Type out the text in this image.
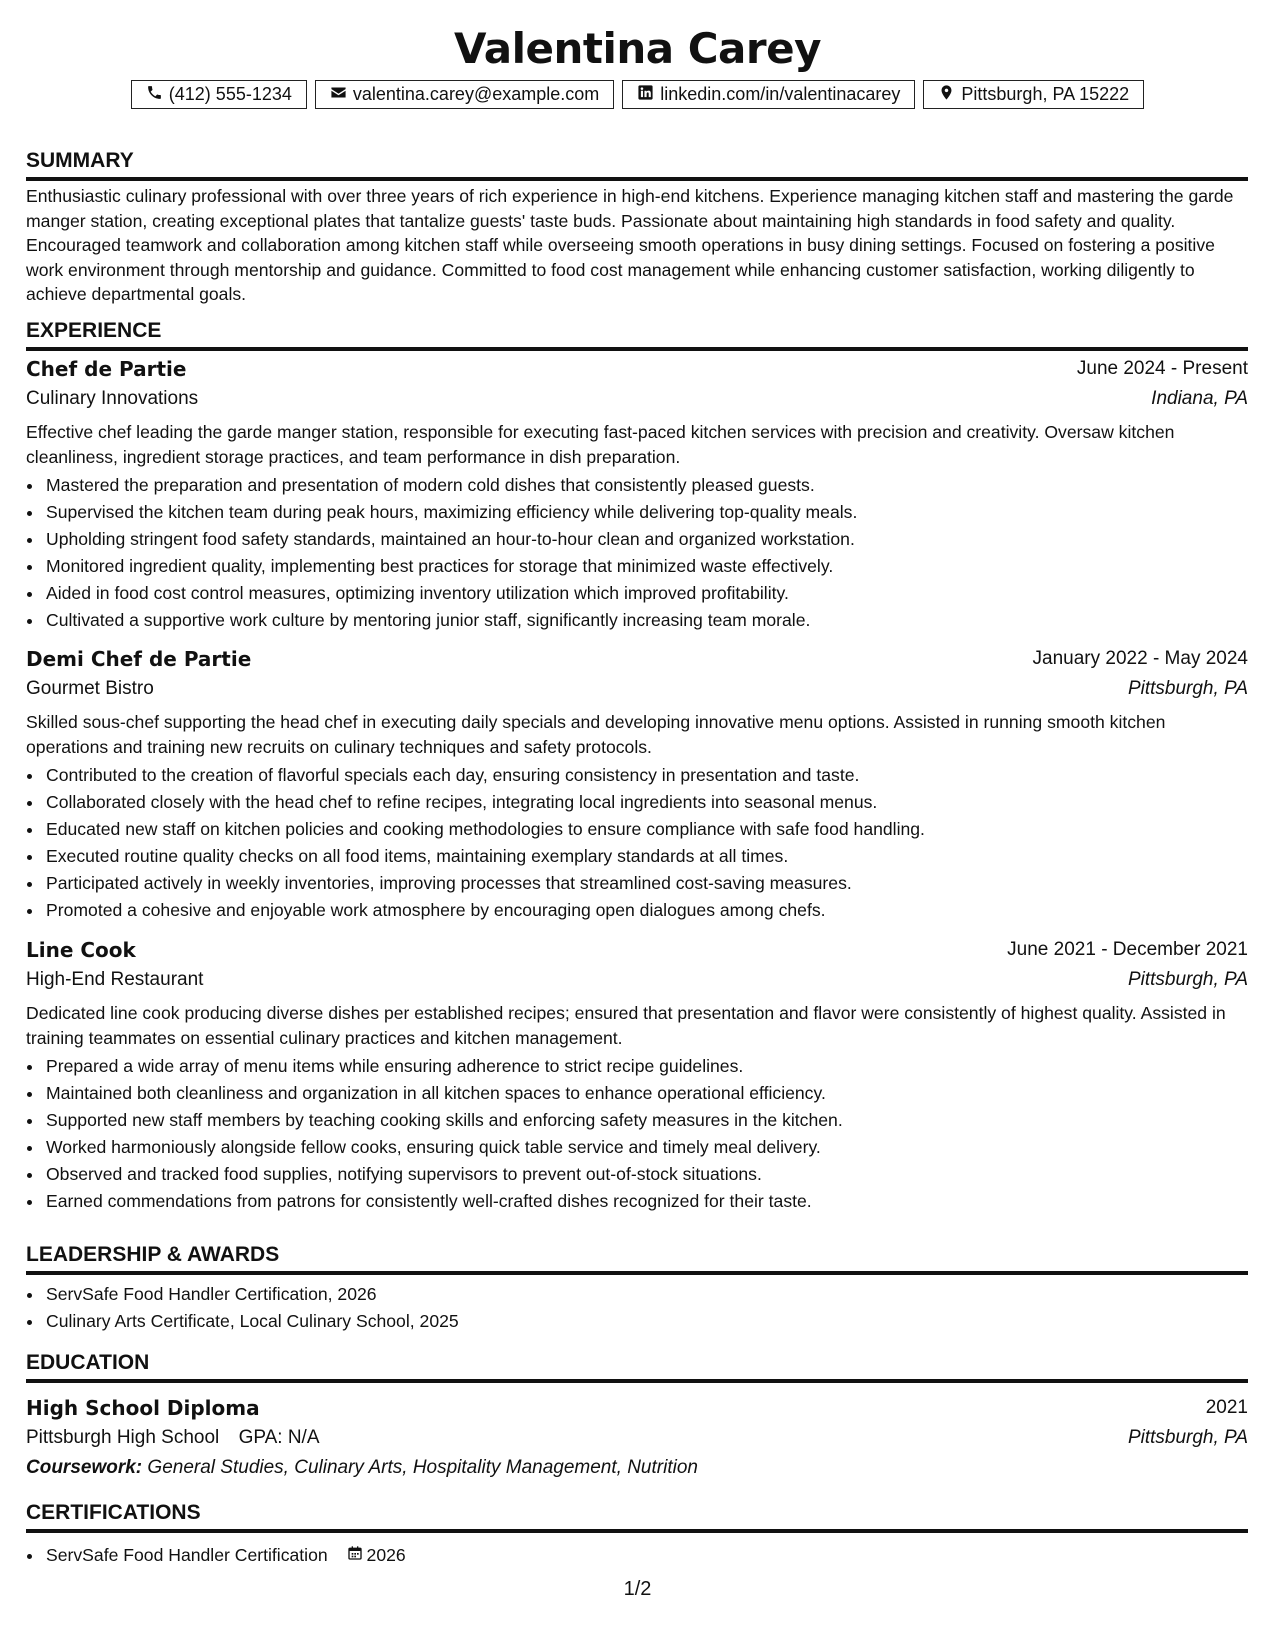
Valentina Carey
(412) 555-1234	valentina.carey@example.com	linkedin.com/in/valentinacarey	Pittsburgh, PA 15222
SUMMARY

Enthusiastic culinary professional with over three years of rich experience in high-end kitchens. Experience managing kitchen staff and mastering the garde manger station, creating exceptional plates that tantalize guests' taste buds. Passionate about maintaining high standards in food safety and quality. Encouraged teamwork and collaboration among kitchen staff while overseeing smooth operations in busy dining settings. Focused on fostering a positive work environment through mentorship and guidance. Committed to food cost management while enhancing customer satisfaction, working diligently to achieve departmental goals.

EXPERIENCE
Chef de Partie	June 2024 - Present
Culinary Innovations	Indiana, PA

Effective chef leading the garde manger station, responsible for executing fast-paced kitchen services with precision and creativity. Oversaw kitchen cleanliness, ingredient storage practices, and team performance in dish preparation.

• Mastered the preparation and presentation of modern cold dishes that consistently pleased guests.
• Supervised the kitchen team during peak hours, maximizing efficiency while delivering top-quality meals.
• Upholding stringent food safety standards, maintained an hour-to-hour clean and organized workstation.
• Monitored ingredient quality, implementing best practices for storage that minimized waste effectively.
• Aided in food cost control measures, optimizing inventory utilization which improved profitability.
• Cultivated a supportive work culture by mentoring junior staff, significantly increasing team morale.
Demi Chef de Partie	January 2022 - May 2024
Gourmet Bistro	Pittsburgh, PA

Skilled sous-chef supporting the head chef in executing daily specials and developing innovative menu options. Assisted in running smooth kitchen operations and training new recruits on culinary techniques and safety protocols.

• Contributed to the creation of flavorful specials each day, ensuring consistency in presentation and taste.
• Collaborated closely with the head chef to refine recipes, integrating local ingredients into seasonal menus.
• Educated new staff on kitchen policies and cooking methodologies to ensure compliance with safe food handling.
• Executed routine quality checks on all food items, maintaining exemplary standards at all times.
• Participated actively in weekly inventories, improving processes that streamlined cost-saving measures.
• Promoted a cohesive and enjoyable work atmosphere by encouraging open dialogues among chefs.
Line Cook	June 2021 - December 2021
High-End Restaurant	Pittsburgh, PA

Dedicated line cook producing diverse dishes per established recipes; ensured that presentation and flavor were consistently of highest quality. Assisted in training teammates on essential culinary practices and kitchen management.

• Prepared a wide array of menu items while ensuring adherence to strict recipe guidelines.
• Maintained both cleanliness and organization in all kitchen spaces to enhance operational efficiency.
• Supported new staff members by teaching cooking skills and enforcing safety measures in the kitchen.
• Worked harmoniously alongside fellow cooks, ensuring quick table service and timely meal delivery.
• Observed and tracked food supplies, notifying supervisors to prevent out-of-stock situations.
• Earned commendations from patrons for consistently well-crafted dishes recognized for their taste.
LEADERSHIP & AWARDS
• ServSafe Food Handler Certification, 2026
• Culinary Arts Certificate, Local Culinary School, 2025
EDUCATION
High School Diploma	2021
Pittsburgh High School GPA: N/A	Pittsburgh, PA
Coursework: General Studies, Culinary Arts, Hospitality Management, Nutrition
CERTIFICATIONS
• ServSafe Food Handler Certification 2026
1/2
